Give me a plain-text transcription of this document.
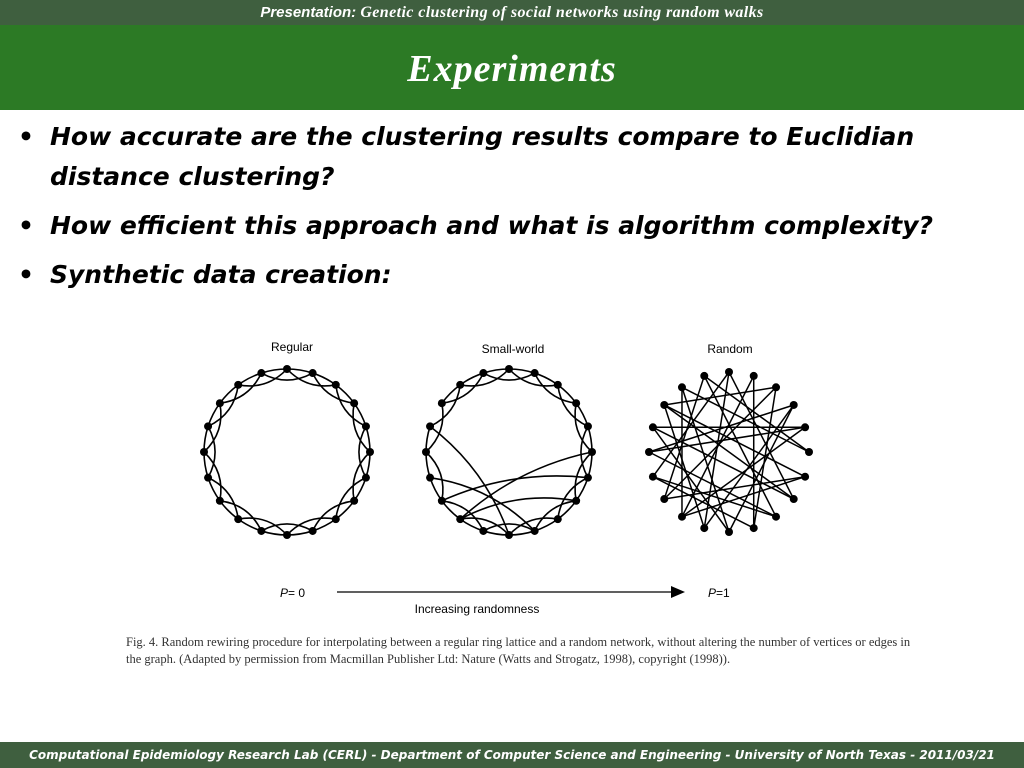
Presentation: Genetic clustering of social networks using random walks
Experiments
• How accurate are the clustering results compare to Euclidian distance clustering?
• How efficient this approach and what is algorithm complexity?
• Synthetic data creation:
Regular	Small-world	Random
P= 0	P=1
Increasing randomness

Fig. 4. Random rewiring procedure for interpolating between a regular ring lattice and a random network, without altering the number of vertices or edges in the graph. (Adapted by permission from Macmillan Publisher Ltd: Nature (Watts and Strogatz, 1998), copyright (1998)).

Computational Epidemiology Research Lab (CERL) - Department of Computer Science and Engineering - University of North Texas - 2011/03/21
